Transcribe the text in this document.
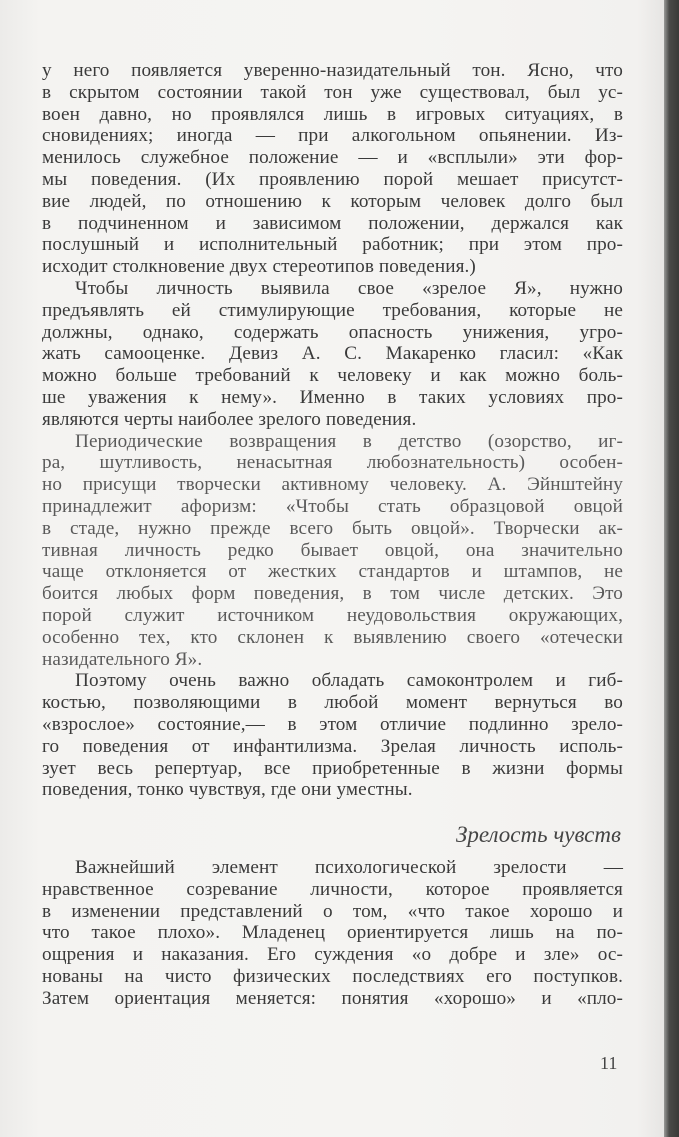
у него появляется уверенно-назидательный тон. Ясно, что
в скрытом состоянии такой тон уже существовал, был ус-
воен давно, но проявлялся лишь в игровых ситуациях, в
сновидениях; иногда — при алкогольном опьянении. Из-
менилось служебное положение — и «всплыли» эти фор-
мы поведения. (Их проявлению порой мешает присутст-
вие людей, по отношению к которым человек долго был
в подчиненном и зависимом положении, держался как
послушный и исполнительный работник; при этом про-
исходит столкновение двух стереотипов поведения.)
Чтобы личность выявила свое «зрелое Я», нужно
предъявлять ей стимулирующие требования, которые не
должны, однако, содержать опасность унижения, угро-
жать самооценке. Девиз А. С. Макаренко гласил: «Как
можно больше требований к человеку и как можно боль-
ше уважения к нему». Именно в таких условиях про-
являются черты наиболее зрелого поведения.
Периодические возвращения в детство (озорство, иг-
ра, шутливость, ненасытная любознательность) особен-
но присущи творчески активному человеку. А. Эйнштейну
принадлежит афоризм: «Чтобы стать образцовой овцой
в стаде, нужно прежде всего быть овцой». Творчески ак-
тивная личность редко бывает овцой, она значительно
чаще отклоняется от жестких стандартов и штампов, не
боится любых форм поведения, в том числе детских. Это
порой служит источником неудовольствия окружающих,
особенно тех, кто склонен к выявлению своего «отечески
назидательного Я».
Поэтому очень важно обладать самоконтролем и гиб-
костью, позволяющими в любой момент вернуться во
«взрослое» состояние,— в этом отличие подлинно зрело-
го поведения от инфантилизма. Зрелая личность исполь-
зует весь репертуар, все приобретенные в жизни формы
поведения, тонко чувствуя, где они уместны.
Зрелость чувств
Важнейший элемент психологической зрелости —
нравственное созревание личности, которое проявляется
в изменении представлений о том, «что такое хорошо и
что такое плохо». Младенец ориентируется лишь на по-
ощрения и наказания. Его суждения «о добре и зле» ос-
нованы на чисто физических последствиях его поступков.
Затем ориентация меняется: понятия «хорошо» и «пло-
11
